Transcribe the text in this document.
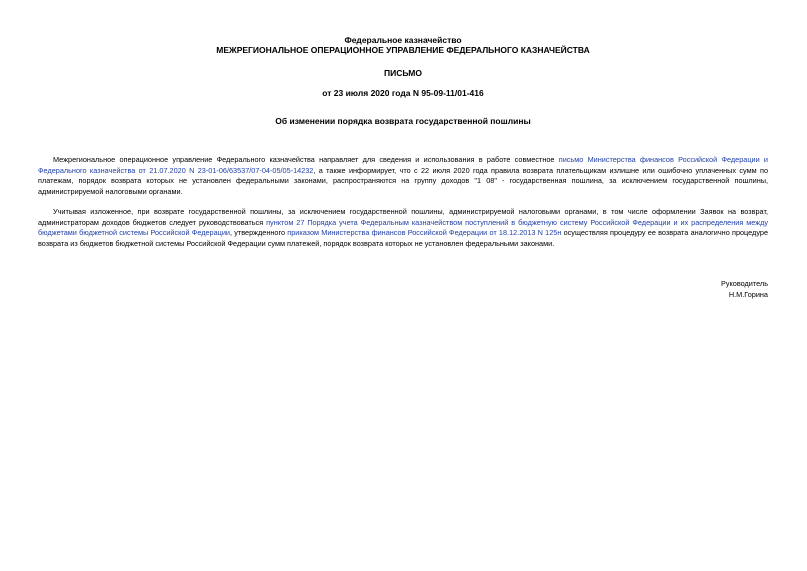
Федеральное казначейство
МЕЖРЕГИОНАЛЬНОЕ ОПЕРАЦИОННОЕ УПРАВЛЕНИЕ ФЕДЕРАЛЬНОГО КАЗНАЧЕЙСТВА
ПИСЬМО
от 23 июля 2020 года N 95-09-11/01-416
Об изменении порядка возврата государственной пошлины

Межрегиональное операционное управление Федерального казначейства направляет для сведения и использования в работе совместное письмо Министерства финансов Российской Федерации и Федерального казначейства от 21.07.2020 N 23-01-06/63537/07-04-05/05-14232, а также информирует, что с 22 июля 2020 года правила возврата плательщикам излишне или ошибочно уплаченных сумм по платежам, порядок возврата которых не установлен федеральными законами, распространяются на группу доходов "1 08" - государственная пошлина, за исключением государственной пошлины, администрируемой налоговыми органами.

Учитывая изложенное, при возврате государственной пошлины, за исключением государственной пошлины, администрируемой налоговыми органами, в том числе оформлении Заявок на возврат, администраторам доходов бюджетов следует руководствоваться пунктом 27 Порядка учета Федеральным казначейством поступлений в бюджетную систему Российской Федерации и их распределения между бюджетами бюджетной системы Российской Федерации, утвержденного приказом Министерства финансов Российской Федерации от 18.12.2013 N 125н осуществляя процедуру ее возврата аналогично процедуре возврата из бюджетов бюджетной системы Российской Федерации сумм платежей, порядок возврата которых не установлен федеральными законами.

Руководитель
Н.М.Горина
